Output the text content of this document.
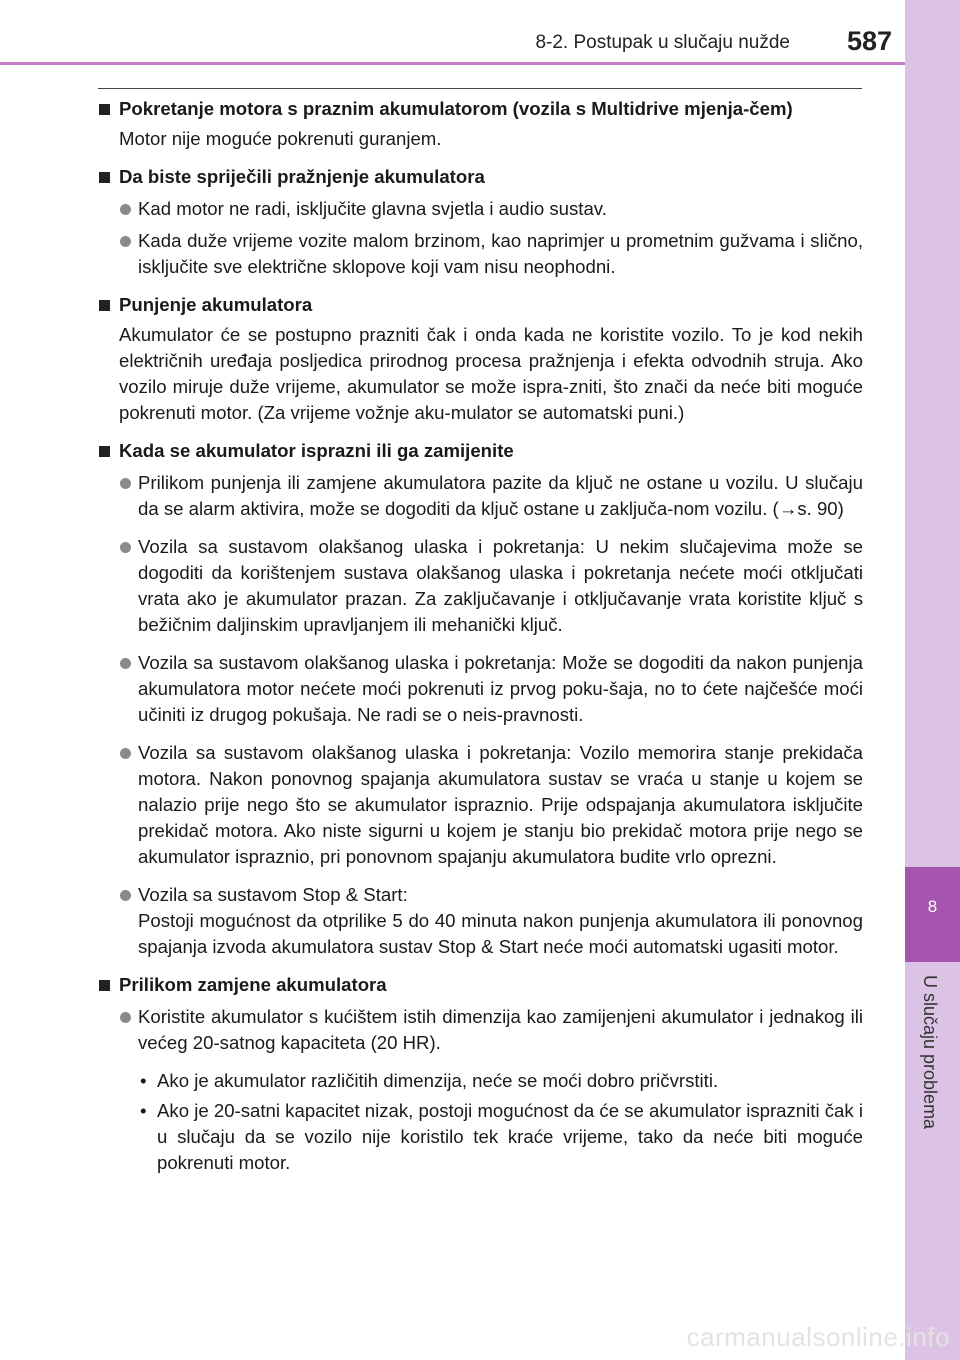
8-2. Postupak u slučaju nužde	587
8
U slučaju problema
Pokretanje motora s praznim akumulatorom (vozila s Multidrive mjenja-čem)
Motor nije moguće pokrenuti guranjem.
Da biste spriječili pražnjenje akumulatora
Kad motor ne radi, isključite glavna svjetla i audio sustav.
Kada duže vrijeme vozite malom brzinom, kao naprimjer u prometnim gužvama i slično, isključite sve električne sklopove koji vam nisu neophodni.
Punjenje akumulatora
Akumulator će se postupno prazniti čak i onda kada ne koristite vozilo. To je kod nekih električnih uređaja posljedica prirodnog procesa pražnjenja i efekta odvodnih struja. Ako vozilo miruje duže vrijeme, akumulator se može ispra-zniti, što znači da neće biti moguće pokrenuti motor. (Za vrijeme vožnje aku-mulator se automatski puni.)
Kada se akumulator isprazni ili ga zamijenite
Prilikom punjenja ili zamjene akumulatora pazite da ključ ne ostane u vozilu. U slučaju da se alarm aktivira, može se dogoditi da ključ ostane u zaključa-nom vozilu. (→s. 90)
Vozila sa sustavom olakšanog ulaska i pokretanja: U nekim slučajevima može se dogoditi da korištenjem sustava olakšanog ulaska i pokretanja nećete moći otključati vrata ako je akumulator prazan. Za zaključavanje i otključavanje vrata koristite ključ s bežičnim daljinskim upravljanjem ili mehanički ključ.
Vozila sa sustavom olakšanog ulaska i pokretanja: Može se dogoditi da nakon punjenja akumulatora motor nećete moći pokrenuti iz prvog poku-šaja, no to ćete najčešće moći učiniti iz drugog pokušaja. Ne radi se o neis-pravnosti.
Vozila sa sustavom olakšanog ulaska i pokretanja: Vozilo memorira stanje prekidača motora. Nakon ponovnog spajanja akumulatora sustav se vraća u stanje u kojem se nalazio prije nego što se akumulator ispraznio. Prije odspajanja akumulatora isključite prekidač motora. Ako niste sigurni u kojem je stanju bio prekidač motora prije nego se akumulator ispraznio, pri ponovnom spajanju akumulatora budite vrlo oprezni.
Vozila sa sustavom Stop & Start:
Postoji mogućnost da otprilike 5 do 40 minuta nakon punjenja akumulatora ili ponovnog spajanja izvoda akumulatora sustav Stop & Start neće moći automatski ugasiti motor.
Prilikom zamjene akumulatora
Koristite akumulator s kućištem istih dimenzija kao zamijenjeni akumulator i jednakog ili većeg 20-satnog kapaciteta (20 HR).
• Ako je akumulator različitih dimenzija, neće se moći dobro pričvrstiti.
• Ako je 20-satni kapacitet nizak, postoji mogućnost da će se akumulator isprazniti čak i u slučaju da se vozilo nije koristilo tek kraće vrijeme, tako da neće biti moguće pokrenuti motor.
carmanualsonline.info
